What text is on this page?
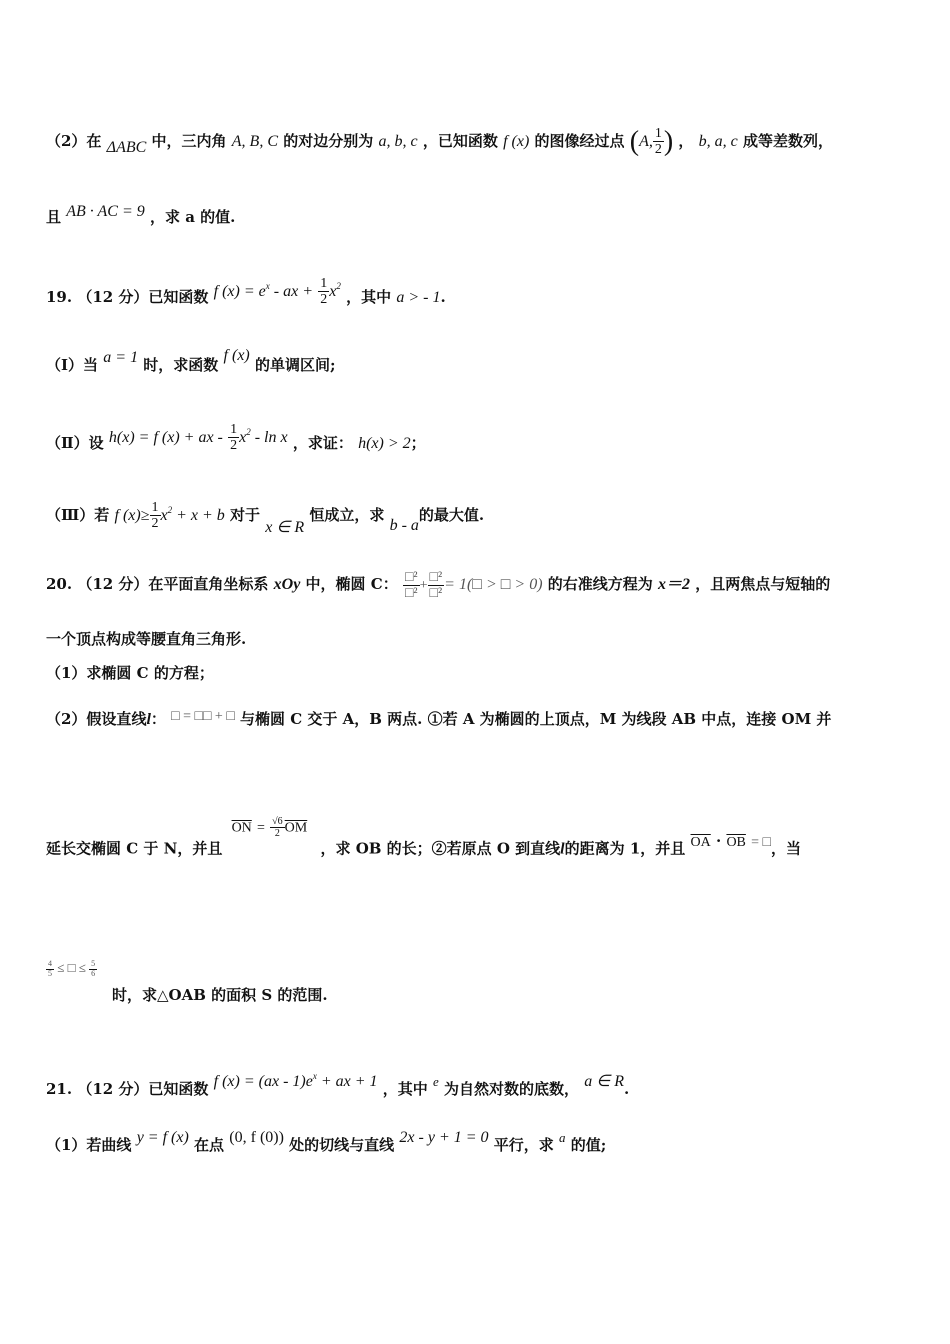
（2）在 ΔABC 中，三内角 A, B, C 的对边分别为 a, b, c ，已知函数 f (x) 的图像经过点 (A, $\frac{1}{2}$ ) ， b, a, c 成等差数列，
且 AB · AC = 9 ，求 a 的值.
19. （12 分）已知函数 f $(x) = e^x$ - ax + $\frac{1}{2} x^2$ ，其中 a > - 1.
（Ⅰ）当 a = 1 时，求函数 f (x) 的单调区间;
（Ⅱ）设 h(x) = f (x) + ax - $\frac{1}{2} x^2$ - ln x ，求证： h(x) > 2；
（Ⅲ）若 f $(x)\ge \frac{1}{2} x^2 + x + b$ 对于 x ∈ R 恒成立，求 b - a的最大值.
20. （12 分）在平面直角坐标系 xOy 中，椭圆 C： $\frac{\text{□²}}{\text{□²}} + \frac{\text{□²}}{\text{□²}}$ = 1(□ > □ > 0) 的右准线方程为 x＝2 ，且两焦点与短轴的
一个顶点构成等腰直角三角形.
（1）求椭圆 C 的方程；
（2）假设直线l： □ = □□ + □ 与椭圆 C 交于 A，B 两点. ①若 A 为椭圆的上顶点，M 为线段 AB 中点，连接 OM 并
延长交椭圆 C 于 N，并且 $\overline{ON} = \frac{√6}{2} \overline{OM}$ ，求 OB 的长；②若原点 O 到直线l的距离为 1，并且 $\overline{OA} \cdot \overline{OB}$ = □，当
$\frac{4}{5}$ ≤ □ ≤ $\frac{5}{6}$
时，求△OAB 的面积 S 的范围.
21. （12 分）已知函数 f $(x) = (ax - 1)e^x$ + ax + 1 ，其中 e 为自然对数的底数， a ∈ R.
（1）若曲线 y = f (x) 在点 (0, f (0)) 处的切线与直线 2x - y + 1 = 0 平行，求 a 的值;
